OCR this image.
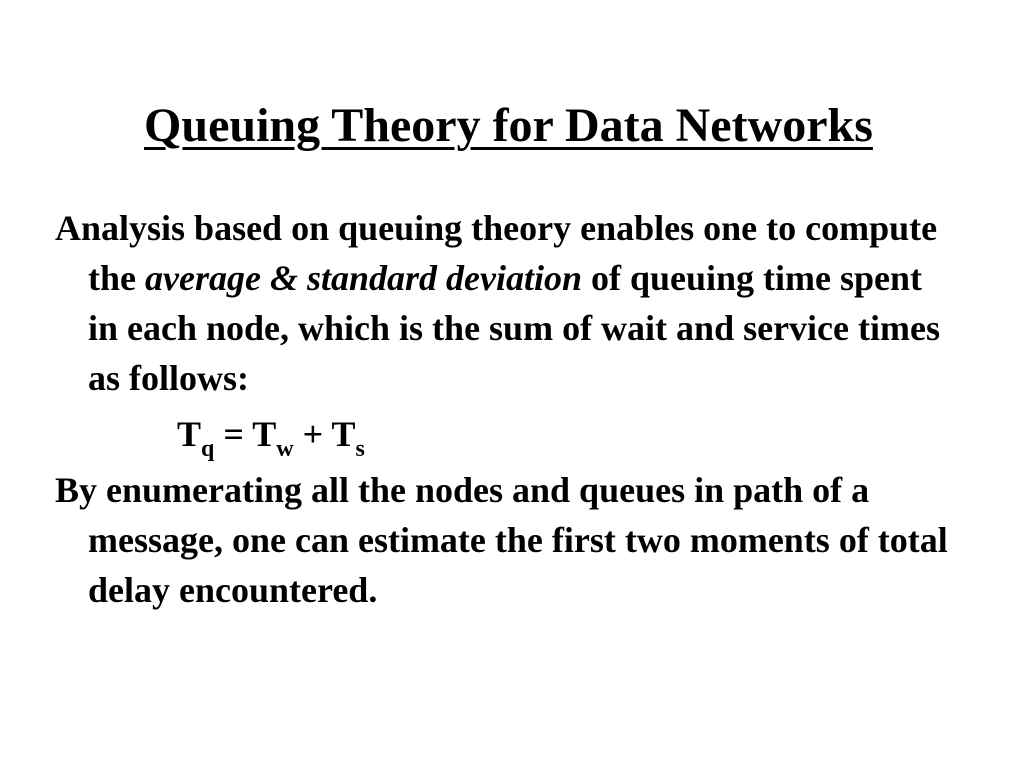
Queuing Theory for Data Networks

Analysis based on queuing theory enables one to compute the average & standard deviation of queuing time spent in each node, which is the sum of wait and service times as follows:

$T_q = T_w + T_s$

By enumerating all the nodes and queues in path of a message, one can estimate the first two moments of total delay encountered.
